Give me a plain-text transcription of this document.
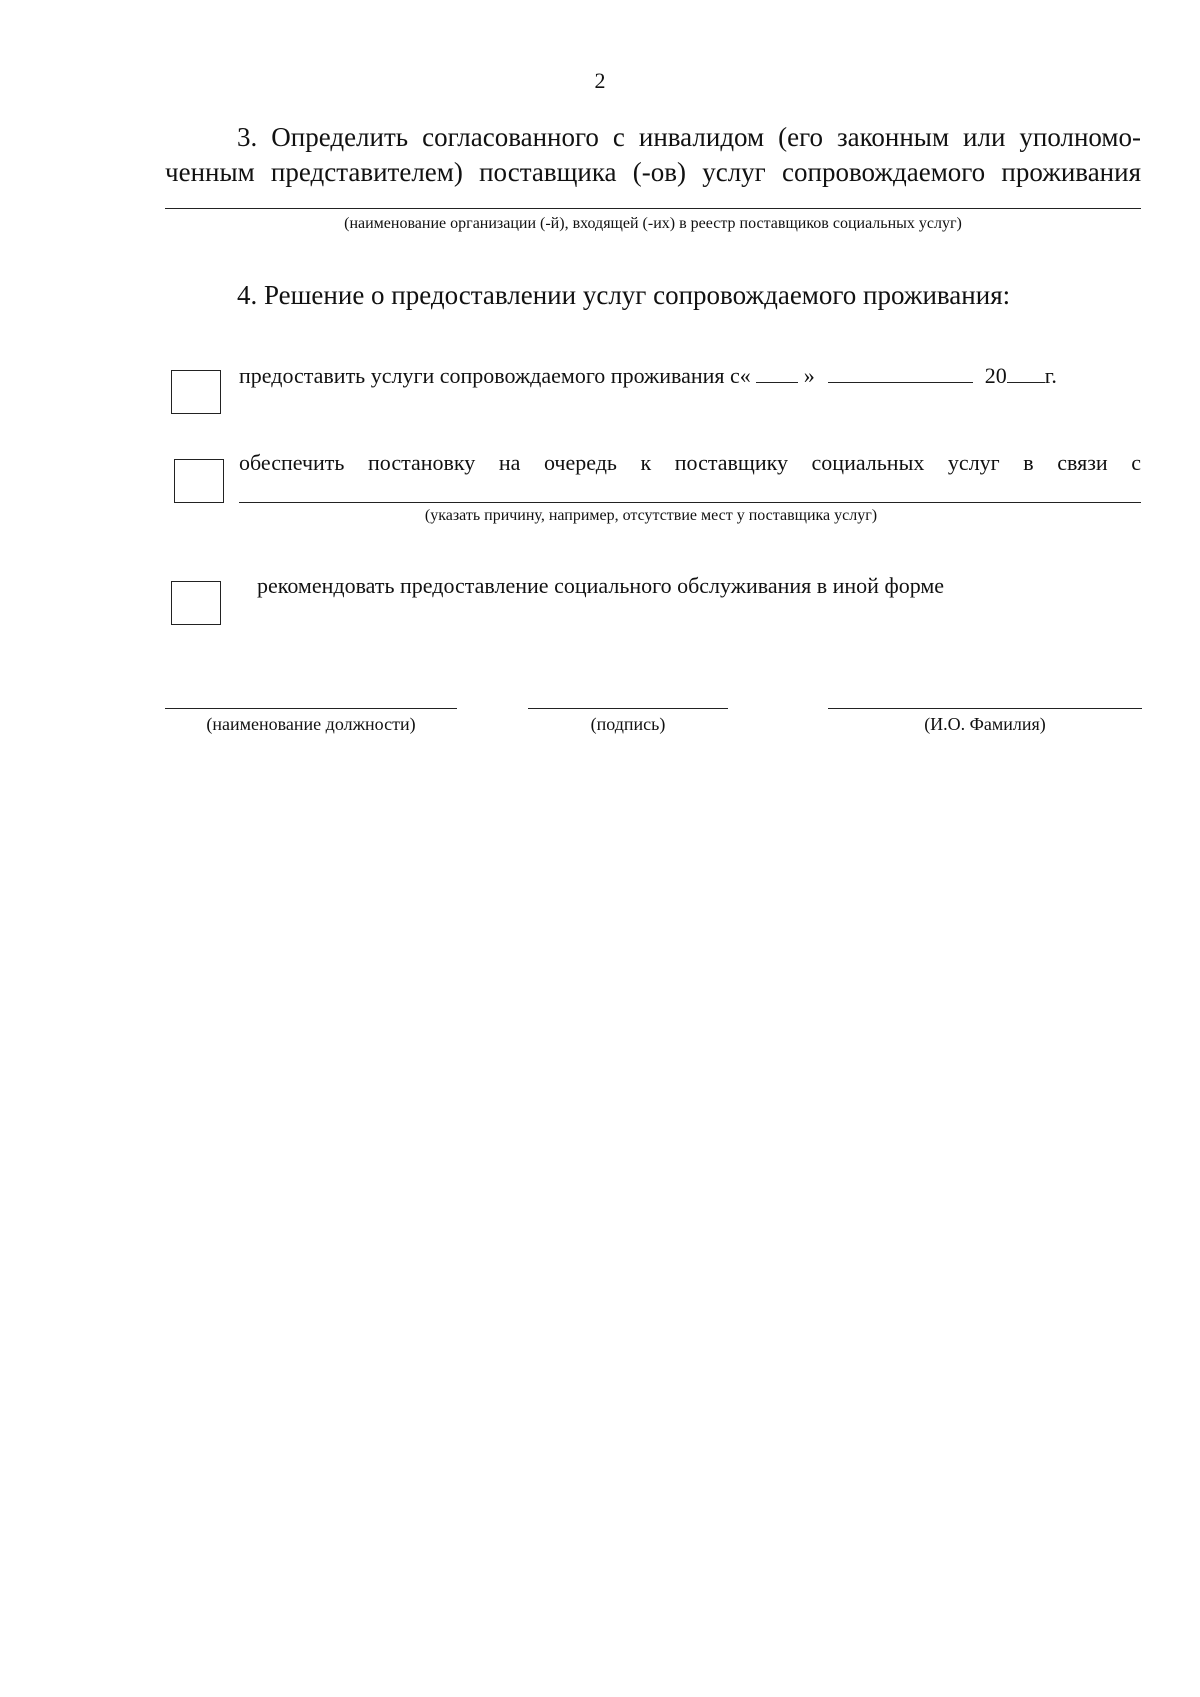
2
3. Определить согласованного с инвалидом (его законным или уполномо-
ченным представителем) поставщика (-ов) услуг сопровождаемого проживания
(наименование организации (-й), входящей (-их) в реестр поставщиков социальных услуг)
4. Решение о предоставлении услуг сопровождаемого проживания:
предоставить услуги сопровождаемого проживания с« »	20 г.
обеспечить постановку на очередь к поставщику социальных услуг в связи с
(указать причину, например, отсутствие мест у поставщика услуг)
рекомендовать предоставление социального обслуживания в иной форме
(наименование должности)	(подпись)	(И.О. Фамилия)
